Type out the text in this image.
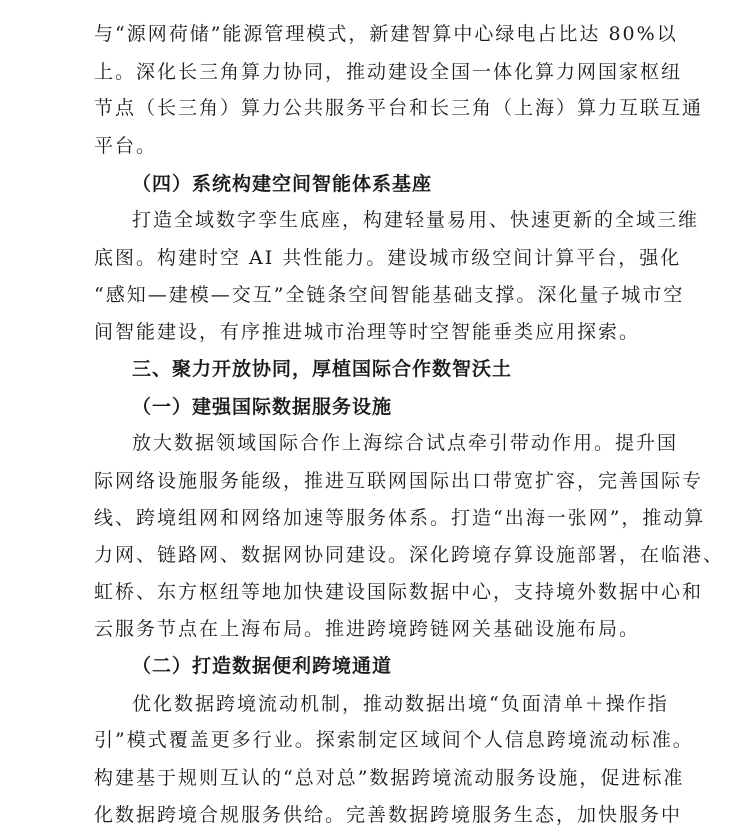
与“源网荷储”能源管理模式，新建智算中心绿电占比达 80%以
上。深化长三角算力协同，推动建设全国一体化算力网国家枢纽
节点（长三角）算力公共服务平台和长三角（上海）算力互联互通
平台。
（四）系统构建空间智能体系基座
打造全域数字孪生底座，构建轻量易用、快速更新的全域三维
底图。构建时空 AI 共性能力。建设城市级空间计算平台，强化
“感知—建模—交互”全链条空间智能基础支撑。深化量子城市空
间智能建设，有序推进城市治理等时空智能垂类应用探索。
三、聚力开放协同，厚植国际合作数智沃土
（一）建强国际数据服务设施
放大数据领域国际合作上海综合试点牵引带动作用。提升国
际网络设施服务能级，推进互联网国际出口带宽扩容，完善国际专
线、跨境组网和网络加速等服务体系。打造“出海一张网”，推动算
力网、链路网、数据网协同建设。深化跨境存算设施部署，在临港、
虹桥、东方枢纽等地加快建设国际数据中心，支持境外数据中心和
云服务节点在上海布局。推进跨境跨链网关基础设施布局。
（二）打造数据便利跨境通道
优化数据跨境流动机制，推动数据出境“负面清单＋操作指
引”模式覆盖更多行业。探索制定区域间个人信息跨境流动标准。
构建基于规则互认的“总对总”数据跨境流动服务设施，促进标准
化数据跨境合规服务供给。完善数据跨境服务生态，加快服务中
